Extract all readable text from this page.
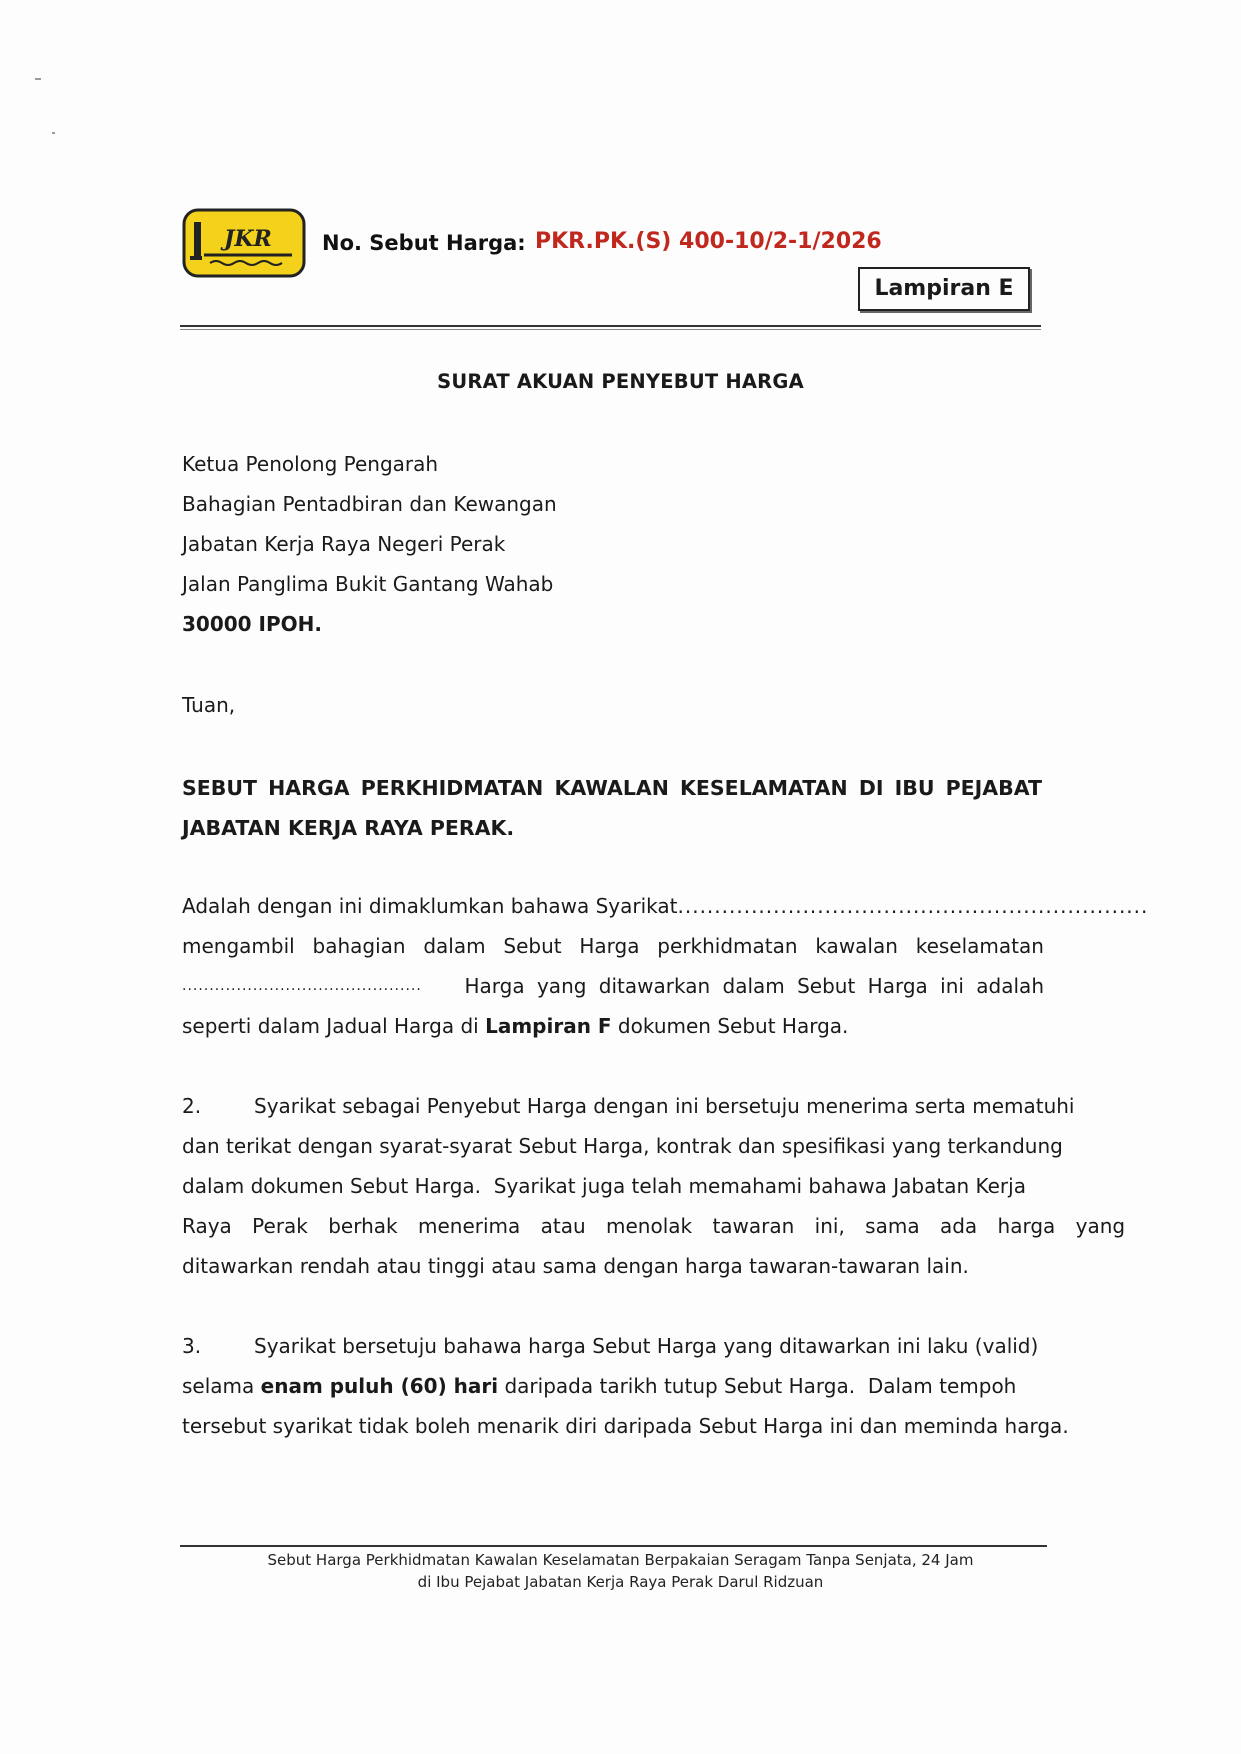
JKR No. Sebut Harga: PKR.PK.(S) 400-10/2-1/2026
Lampiran E
SURAT AKUAN PENYEBUT HARGA
Ketua Penolong Pengarah
Bahagian Pentadbiran dan Kewangan
Jabatan Kerja Raya Negeri Perak
Jalan Panglima Bukit Gantang Wahab
30000 IPOH.
Tuan,
SEBUT HARGA PERKHIDMATAN KAWALAN KESELAMATAN DI IBU PEJABAT JABATAN KERJA RAYA PERAK.
Adalah dengan ini dimaklumkan bahawa Syarikat ................................................................
mengambil bahagian dalam Sebut Harga perkhidmatan kawalan keselamatan
............................................ Harga yang ditawarkan dalam Sebut Harga ini adalah
seperti dalam Jadual Harga di Lampiran F dokumen Sebut Harga.
2.	Syarikat sebagai Penyebut Harga dengan ini bersetuju menerima serta mematuhi
dan terikat dengan syarat-syarat Sebut Harga, kontrak dan spesifikasi yang terkandung
dalam dokumen Sebut Harga.  Syarikat juga telah memahami bahawa Jabatan Kerja
Raya Perak berhak menerima atau menolak tawaran ini, sama ada harga yang
ditawarkan rendah atau tinggi atau sama dengan harga tawaran-tawaran lain.
3.	Syarikat bersetuju bahawa harga Sebut Harga yang ditawarkan ini laku (valid)
selama enam puluh (60) hari daripada tarikh tutup Sebut Harga.  Dalam tempoh
tersebut syarikat tidak boleh menarik diri daripada Sebut Harga ini dan meminda harga.
Sebut Harga Perkhidmatan Kawalan Keselamatan Berpakaian Seragam Tanpa Senjata, 24 Jam
di Ibu Pejabat Jabatan Kerja Raya Perak Darul Ridzuan
